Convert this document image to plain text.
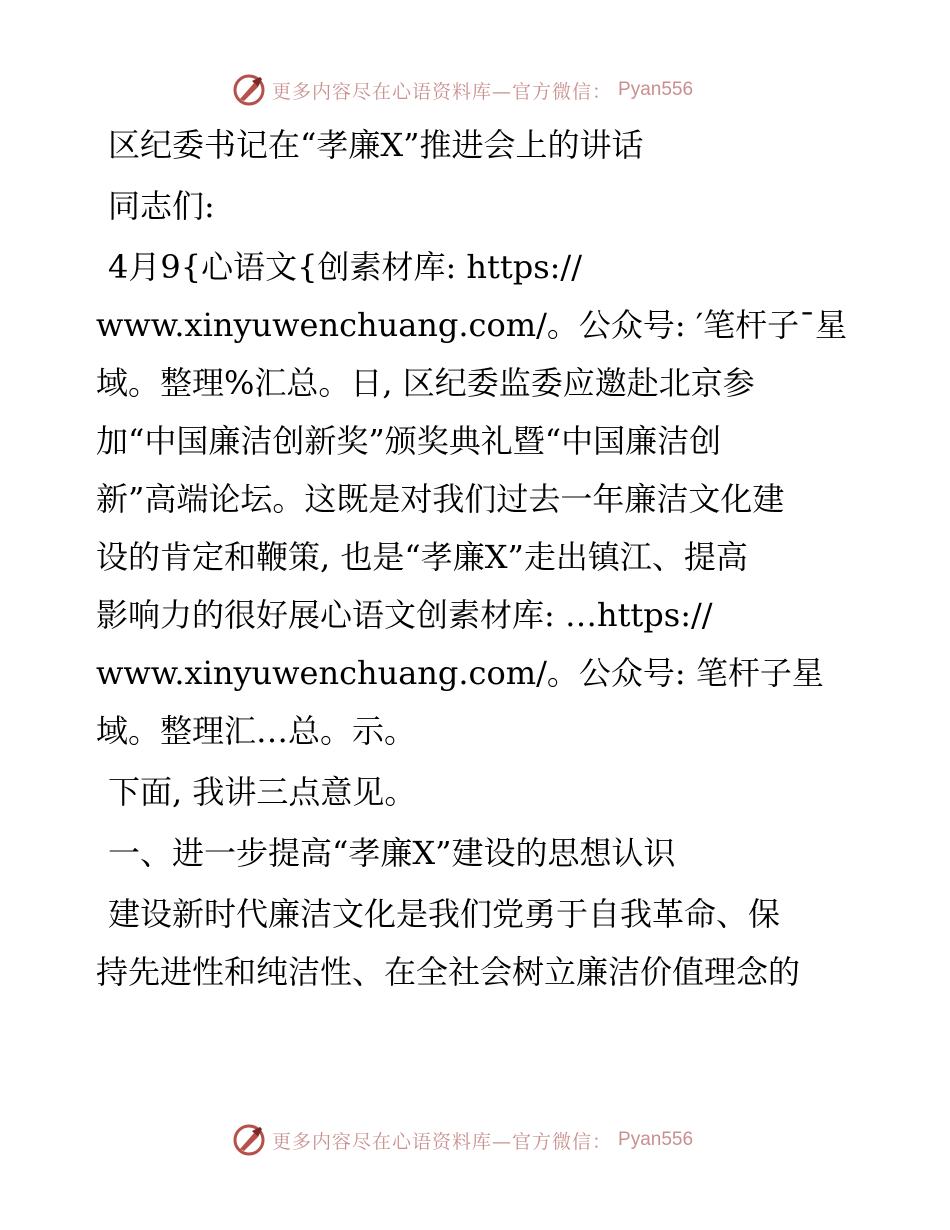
更多内容尽在心语资料库—官方微信： Pyan556
区纪委书记在“孝廉X”推进会上的讲话
同志们:
4月9{心语文{创素材库: https://
www.xinyuwenchuang.com/。公众号: ′笔杆子¯星
域。整理%汇总。日, 区纪委监委应邀赴北京参
加“中国廉洁创新奖”颁奖典礼暨“中国廉洁创
新”高端论坛。这既是对我们过去一年廉洁文化建
设的肯定和鞭策, 也是“孝廉X”走出镇江、提高
影响力的很好展心语文创素材库: …https://
www.xinyuwenchuang.com/。公众号: 笔杆子星
域。整理汇…总。示。
下面, 我讲三点意见。
一、进一步提高“孝廉X”建设的思想认识
建设新时代廉洁文化是我们党勇于自我革命、保
持先进性和纯洁性、在全社会树立廉洁价值理念的
更多内容尽在心语资料库—官方微信： Pyan556
